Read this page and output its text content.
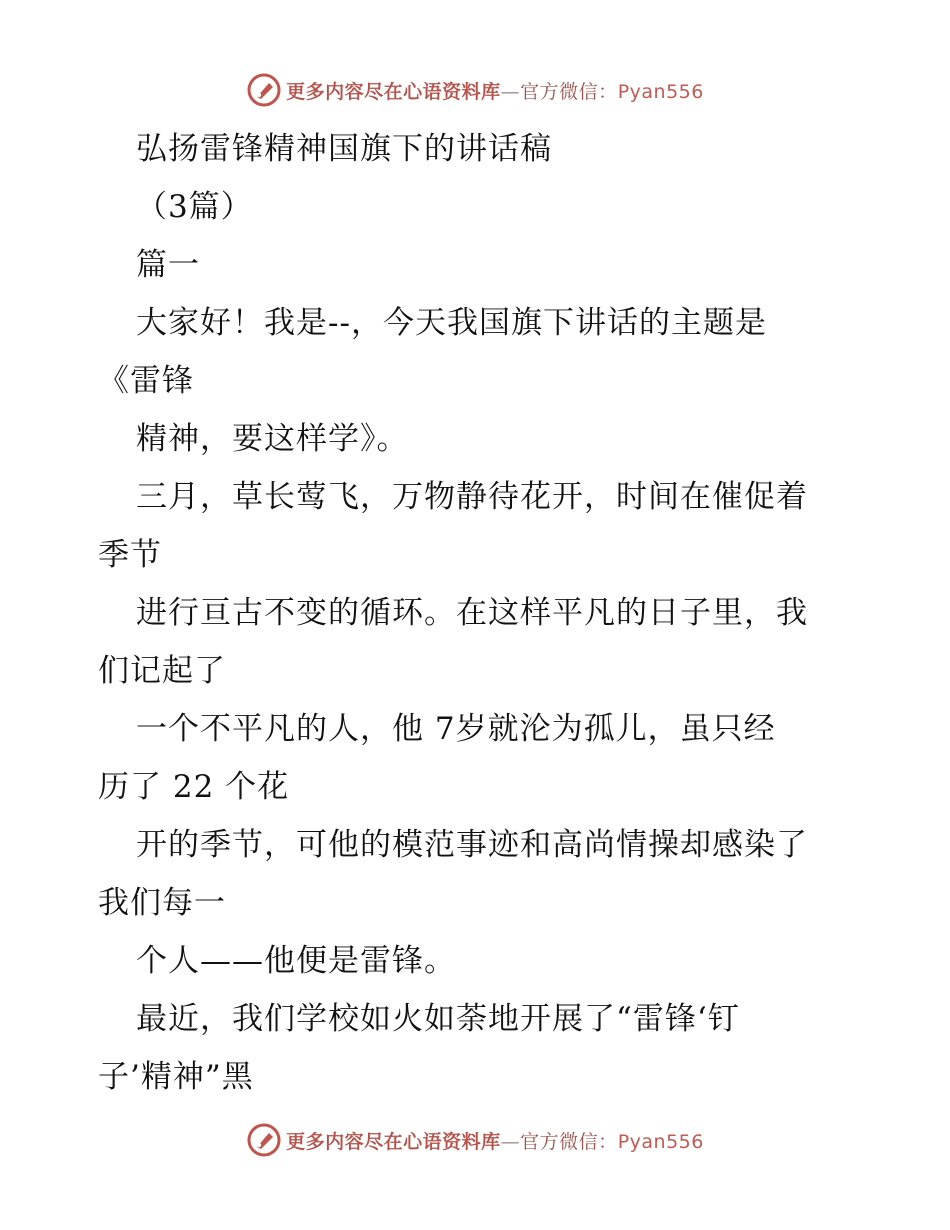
更多内容尽在心语资料库—官方微信：Pyan556
弘扬雷锋精神国旗下的讲话稿
（3篇）
篇一
大家好！我是--，今天我国旗下讲话的主题是
《雷锋
精神，要这样学》。
三月，草长莺飞，万物静待花开，时间在催促着
季节
进行亘古不变的循环。在这样平凡的日子里，我
们记起了
一个不平凡的人，他 7岁就沦为孤儿，虽只经
历了 22 个花
开的季节，可他的模范事迹和高尚情操却感染了
我们每一
个人——他便是雷锋。
最近，我们学校如火如荼地开展了“雷锋‘钉
子’精神”黑
更多内容尽在心语资料库—官方微信：Pyan556
